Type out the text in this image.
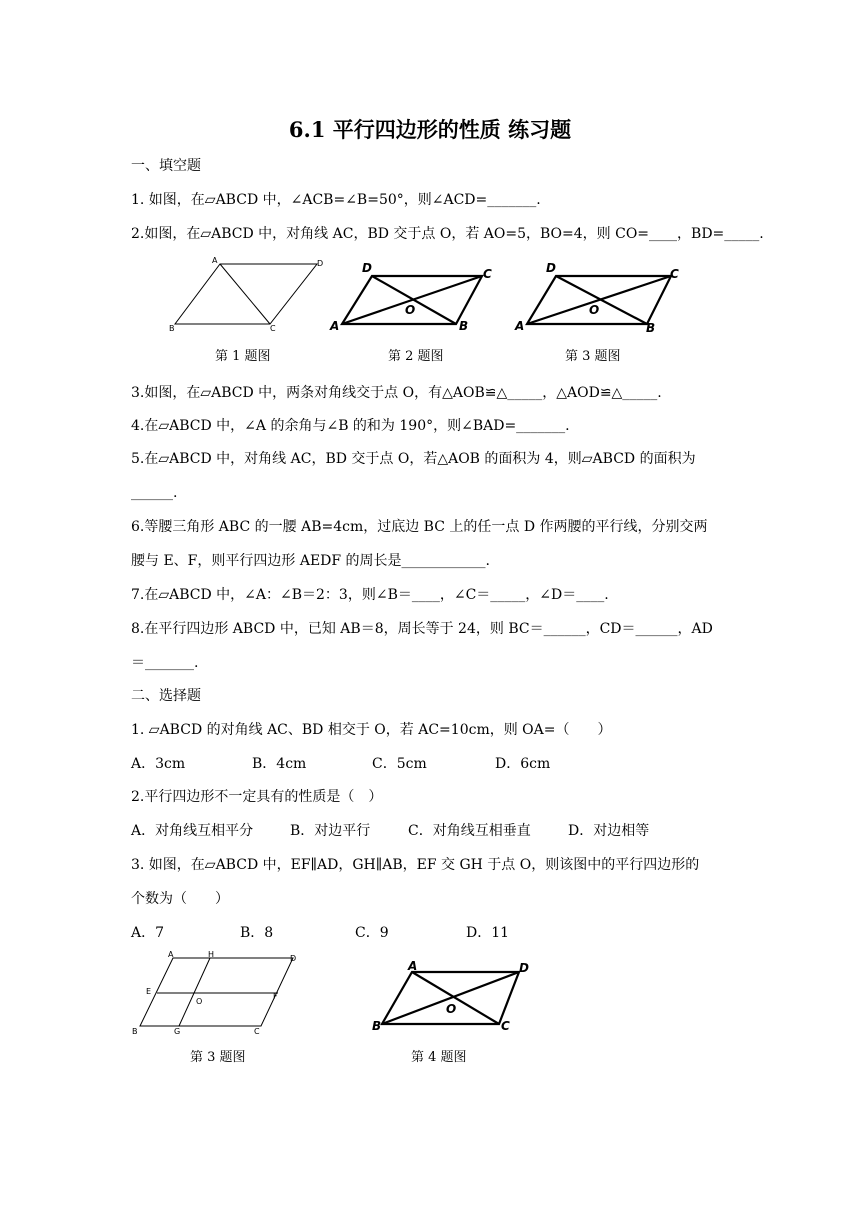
6.1 平行四边形的性质 练习题
一、填空题
1. 如图，在▱ABCD 中，∠ACB=∠B=50°，则∠ACD=_______.
2.如图，在▱ABCD 中，对角线 AC，BD 交于点 O，若 AO=5，BO=4，则 CO=____，BD=_____.
A	D
B	C
D	C
O
A	B
D	C
O
A	B
第 1 题图	第 2 题图	第 3 题图
3.如图，在▱ABCD 中，两条对角线交于点 O，有△AOB≌△_____，△AOD≌△_____.
4.在▱ABCD 中，∠A 的余角与∠B 的和为 190°，则∠BAD=_______.
5.在▱ABCD 中，对角线 AC，BD 交于点 O，若△AOB 的面积为 4，则▱ABCD 的面积为
______.
6.等腰三角形 ABC 的一腰 AB=4cm，过底边 BC 上的任一点 D 作两腰的平行线，分别交两
腰与 E、F，则平行四边形 AEDF 的周长是____________.
7.在▱ABCD 中，∠A：∠B＝2：3，则∠B＝____，∠C＝_____，∠D＝____.
8.在平行四边形 ABCD 中，已知 AB＝8，周长等于 24，则 BC＝______，CD＝______，AD
＝_______.
二、选择题
1. ▱ABCD 的对角线 AC、BD 相交于 O，若 AC=10cm，则 OA=（　　）
A．3cm	B．4cm	C．5cm	D．6cm
2.平行四边形不一定具有的性质是（　）
A．对角线互相平分	B．对边平行	C．对角线互相垂直	D．对边相等
3. 如图，在▱ABCD 中，EF∥AD，GH∥AB，EF 交 GH 于点 O，则该图中的平行四边形的
个数为（　　）
A．7	B．8	C．9	D．11
A	H	D
E
O
F
B	G	C
A	D
O
B	C
第 3 题图	第 4 题图
